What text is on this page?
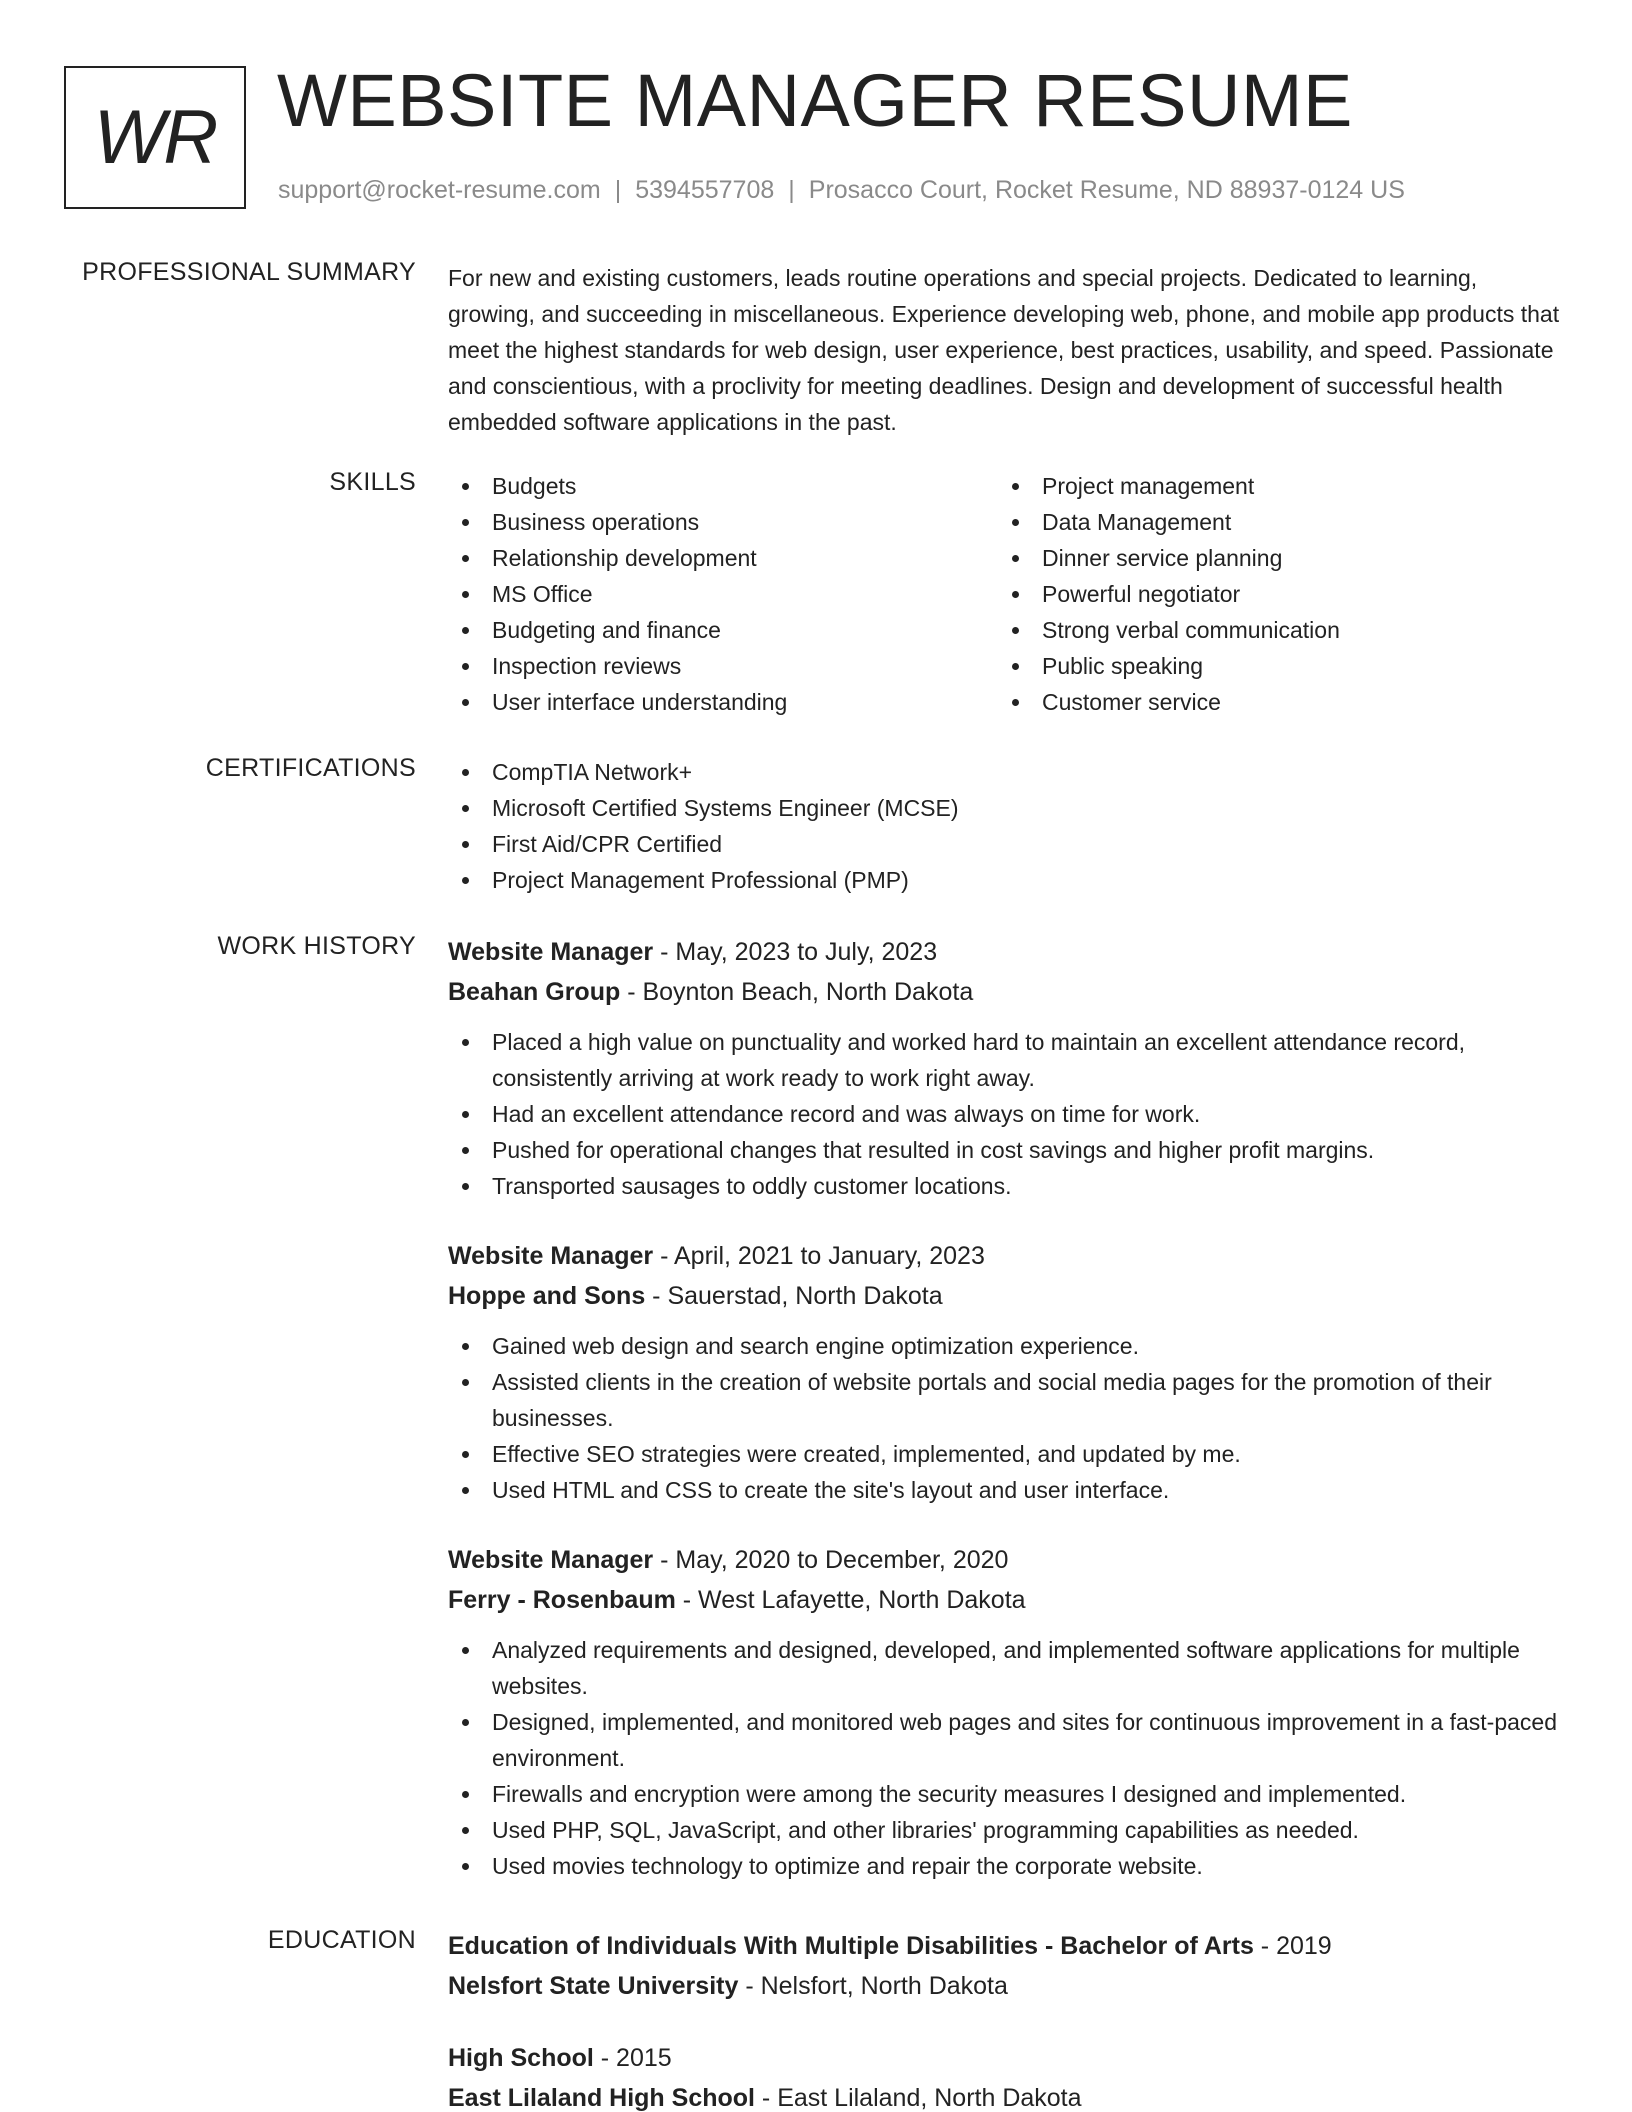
WR WEBSITE MANAGER RESUME
support@rocket-resume.com | 5394557708 | Prosacco Court, Rocket Resume, ND 88937-0124 US
PROFESSIONAL SUMMARY For new and existing customers, leads routine operations and special projects. Dedicated to learning, growing, and succeeding in miscellaneous. Experience developing web, phone, and mobile app products that meet the highest standards for web design, user experience, best practices, usability, and speed. Passionate and conscientious, with a proclivity for meeting deadlines. Design and development of successful health embedded software applications in the past.
SKILLS	Budgets
Business operations
Relationship development
MS Office
Budgeting and finance
Inspection reviews
User interface understanding
Project management
Data Management
Dinner service planning
Powerful negotiator
Strong verbal communication
Public speaking
Customer service
CERTIFICATIONS	CompTIA Network+
Microsoft Certified Systems Engineer (MCSE)
First Aid/CPR Certified
Project Management Professional (PMP)
WORK HISTORY Website Manager - May, 2023 to July, 2023
Beahan Group - Boynton Beach, North Dakota
Placed a high value on punctuality and worked hard to maintain an excellent attendance record, consistently arriving at work ready to work right away.
Had an excellent attendance record and was always on time for work.
Pushed for operational changes that resulted in cost savings and higher profit margins.
Transported sausages to oddly customer locations.
Website Manager - April, 2021 to January, 2023
Hoppe and Sons - Sauerstad, North Dakota
Gained web design and search engine optimization experience.
Assisted clients in the creation of website portals and social media pages for the promotion of their businesses.
Effective SEO strategies were created, implemented, and updated by me.
Used HTML and CSS to create the site's layout and user interface.
Website Manager - May, 2020 to December, 2020
Ferry - Rosenbaum - West Lafayette, North Dakota
Analyzed requirements and designed, developed, and implemented software applications for multiple websites.
Designed, implemented, and monitored web pages and sites for continuous improvement in a fast-paced environment.
Firewalls and encryption were among the security measures I designed and implemented.
Used PHP, SQL, JavaScript, and other libraries' programming capabilities as needed.
Used movies technology to optimize and repair the corporate website.
EDUCATION Education of Individuals With Multiple Disabilities - Bachelor of Arts - 2019
Nelsfort State University - Nelsfort, North Dakota
High School - 2015
East Lilaland High School - East Lilaland, North Dakota
